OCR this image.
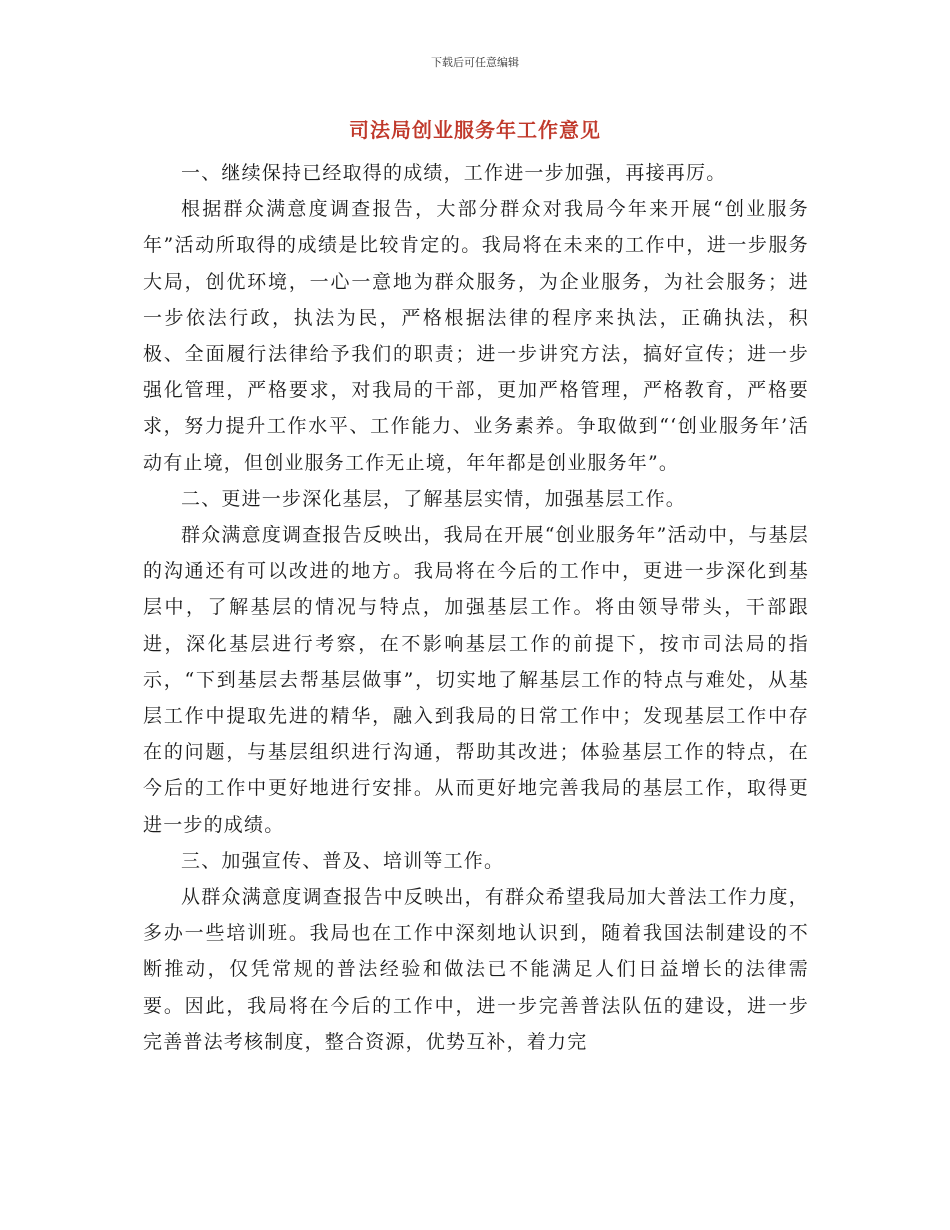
下载后可任意编辑
司法局创业服务年工作意见

一、继续保持已经取得的成绩，工作进一步加强，再接再厉。

根据群众满意度调查报告，大部分群众对我局今年来开展“创业服务年”活动所取得的成绩是比较肯定的。我局将在未来的工作中，进一步服务大局，创优环境，一心一意地为群众服务，为企业服务，为社会服务；进一步依法行政，执法为民，严格根据法律的程序来执法，正确执法，积极、全面履行法律给予我们的职责；进一步讲究方法，搞好宣传；进一步强化管理，严格要求，对我局的干部，更加严格管理，严格教育，严格要求，努力提升工作水平、工作能力、业务素养。争取做到“‘创业服务年’活动有止境，但创业服务工作无止境，年年都是创业服务年”。

二、更进一步深化基层，了解基层实情，加强基层工作。

群众满意度调查报告反映出，我局在开展“创业服务年”活动中，与基层的沟通还有可以改进的地方。我局将在今后的工作中，更进一步深化到基层中，了解基层的情况与特点，加强基层工作。将由领导带头，干部跟进，深化基层进行考察，在不影响基层工作的前提下，按市司法局的指示，“下到基层去帮基层做事”，切实地了解基层工作的特点与难处，从基层工作中提取先进的精华，融入到我局的日常工作中；发现基层工作中存在的问题，与基层组织进行沟通，帮助其改进；体验基层工作的特点，在今后的工作中更好地进行安排。从而更好地完善我局的基层工作，取得更进一步的成绩。

三、加强宣传、普及、培训等工作。

从群众满意度调查报告中反映出，有群众希望我局加大普法工作力度，多办一些培训班。我局也在工作中深刻地认识到，随着我国法制建设的不断推动，仅凭常规的普法经验和做法已不能满足人们日益增长的法律需要。因此，我局将在今后的工作中，进一步完善普法队伍的建设，进一步完善普法考核制度，整合资源，优势互补，着力完
